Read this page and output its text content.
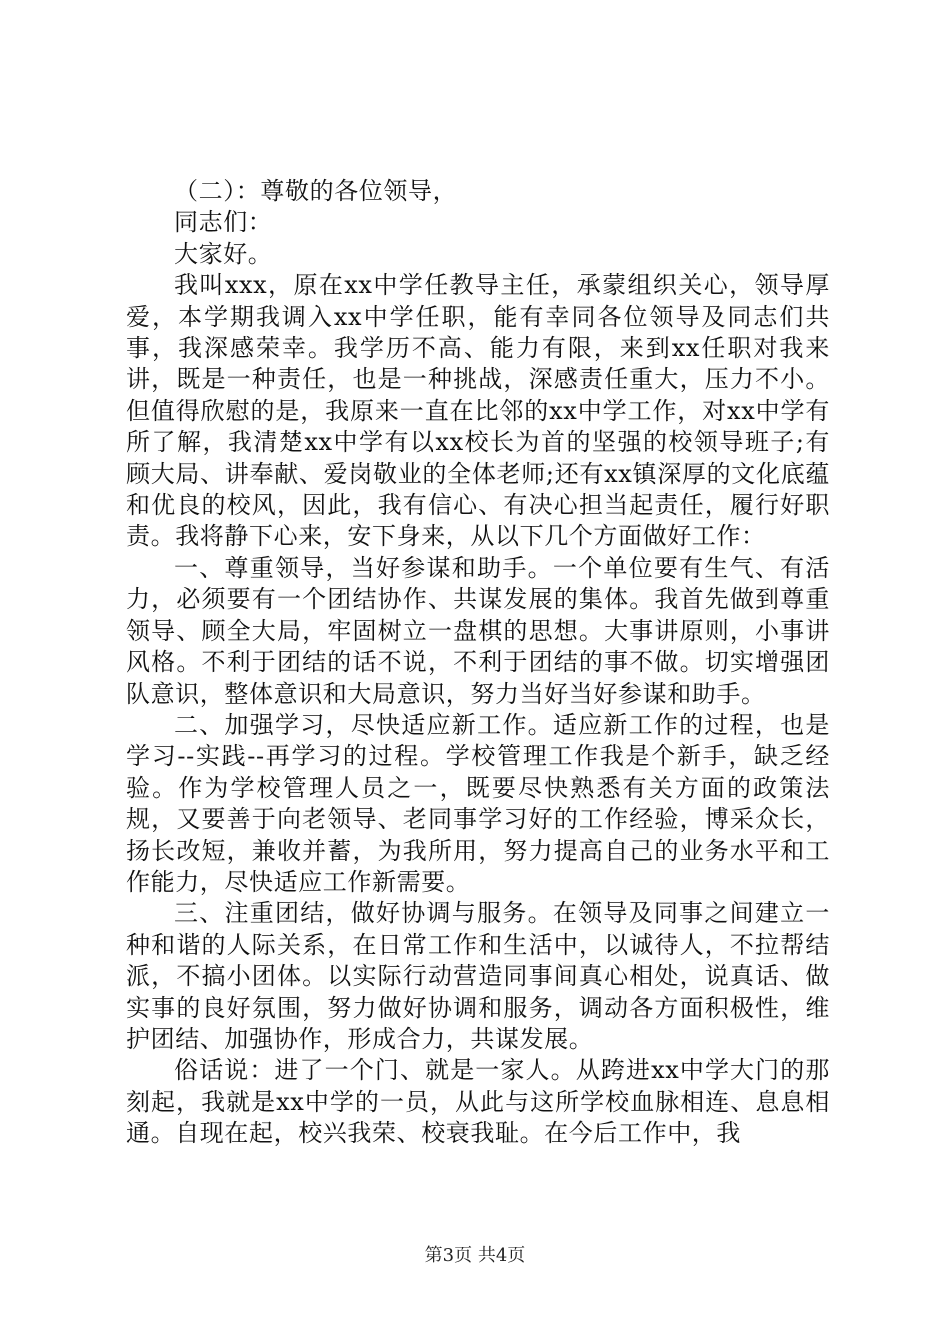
（二）：尊敬的各位领导，

同志们：

大家好。

我叫xxx，原在xx中学任教导主任，承蒙组织关心，领导厚爱，本学期我调入xx中学任职，能有幸同各位领导及同志们共事，我深感荣幸。我学历不高、能力有限，来到xx任职对我来讲，既是一种责任，也是一种挑战，深感责任重大，压力不小。但值得欣慰的是，我原来一直在比邻的xx中学工作，对xx中学有所了解，我清楚xx中学有以xx校长为首的坚强的校领导班子;有顾大局、讲奉献、爱岗敬业的全体老师;还有xx镇深厚的文化底蕴和优良的校风，因此，我有信心、有决心担当起责任，履行好职责。我将静下心来，安下身来，从以下几个方面做好工作：

一、尊重领导，当好参谋和助手。一个单位要有生气、有活力，必须要有一个团结协作、共谋发展的集体。我首先做到尊重领导、顾全大局，牢固树立一盘棋的思想。大事讲原则，小事讲风格。不利于团结的话不说，不利于团结的事不做。切实增强团队意识，整体意识和大局意识，努力当好当好参谋和助手。

二、加强学习，尽快适应新工作。适应新工作的过程，也是学习--实践--再学习的过程。学校管理工作我是个新手，缺乏经验。作为学校管理人员之一，既要尽快熟悉有关方面的政策法规，又要善于向老领导、老同事学习好的工作经验，博采众长，扬长改短，兼收并蓄，为我所用，努力提高自己的业务水平和工作能力，尽快适应工作新需要。

三、注重团结，做好协调与服务。在领导及同事之间建立一种和谐的人际关系，在日常工作和生活中，以诚待人，不拉帮结派，不搞小团体。以实际行动营造同事间真心相处，说真话、做实事的良好氛围，努力做好协调和服务，调动各方面积极性，维护团结、加强协作，形成合力，共谋发展。

俗话说：进了一个门、就是一家人。从跨进xx中学大门的那刻起，我就是xx中学的一员，从此与这所学校血脉相连、息息相通。自现在起，校兴我荣、校衰我耻。在今后工作中，我

第3页 共4页
